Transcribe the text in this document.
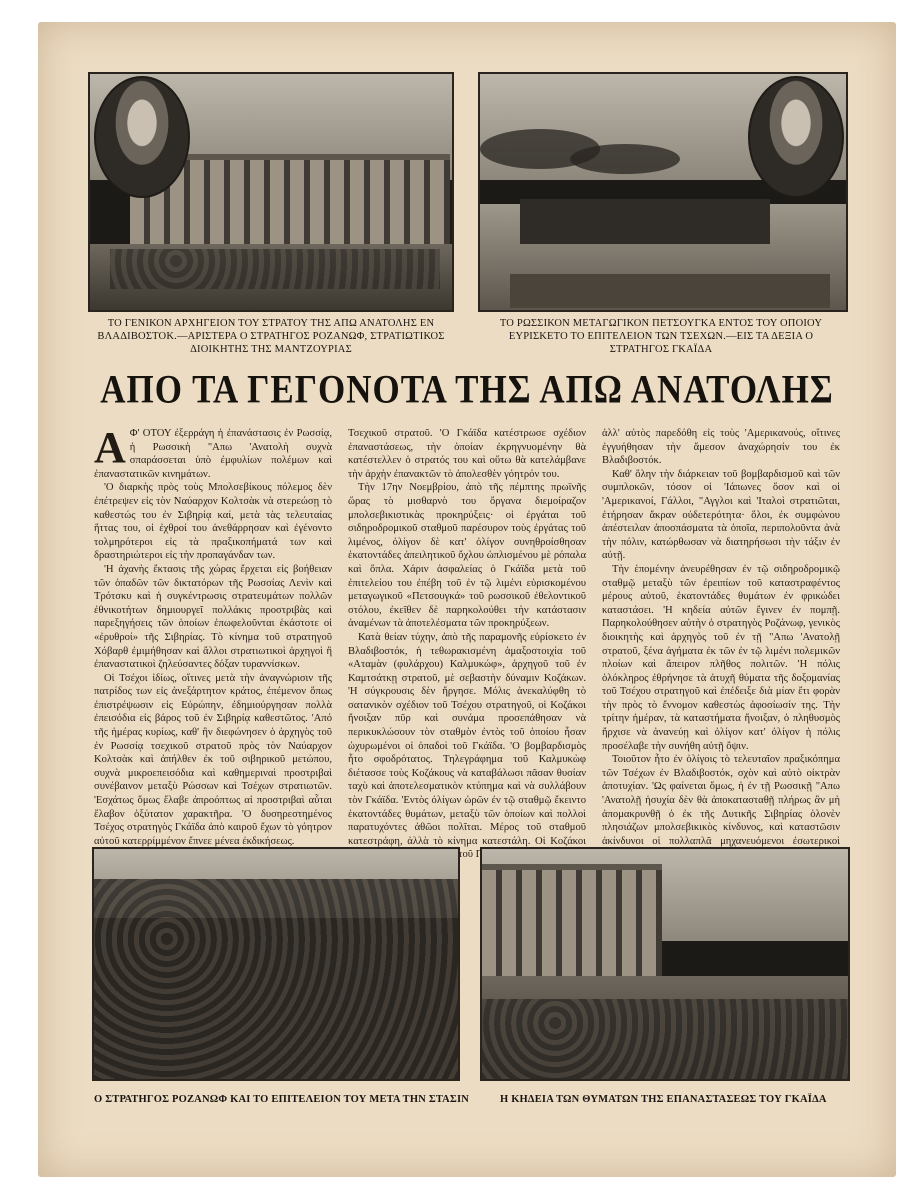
ΤΟ ΓΕΝΙΚΟΝ ΑΡΧΗΓΕΙΟΝ ΤΟΥ ΣΤΡΑΤΟΥ ΤΗΣ ΑΠΩ ΑΝΑΤΟΛΗΣ ΕΝ ΒΛΑΔΙΒΟΣΤΟΚ.—ΑΡΙΣΤΕΡΑ Ο ΣΤΡΑΤΗΓΟΣ ΡΟΖΑΝΩΦ, ΣΤΡΑΤΙΩΤΙΚΟΣ ΔΙΟΙΚΗΤΗΣ ΤΗΣ ΜΑΝΤΖΟΥΡΙΑΣ
ΤΟ ΡΩΣΣΙΚΟΝ ΜΕΤΑΓΩΓΙΚΟΝ ΠΕΤΣΟΥΓΚΑ ΕΝΤΟΣ ΤΟΥ ΟΠΟΙΟΥ ΕΥΡΙΣΚΕΤΟ ΤΟ ΕΠΙΤΕΛΕΙΟΝ ΤΩΝ ΤΣΕΧΩΝ.—ΕΙΣ ΤΑ ΔΕΞΙΑ Ο ΣΤΡΑΤΗΓΟΣ ΓΚΑΪΔΑ
ΑΠΟ ΤΑ ΓΕΓΟΝΟΤΑ ΤΗΣ ΑΠΩ ΑΝΑΤΟΛΗΣ
Α Φ' ΟΤΟΥ ἐξερράγη ἡ ἐπανάστασις ἐν Ρωσσίᾳ, ἡ Ρωσσικὴ "Απω 'Ανατολὴ συχνὰ σπαράσσεται ὑπὸ ἐμφυλίων πολέμων καὶ ἐπαναστατικῶν κινημάτων.

'Ο διαρκὴς πρὸς τοὺς Μπολσεβίκους πόλεμος δὲν ἐπέτρεψεν εἰς τὸν Ναύαρχον Κολτσὰκ νὰ στερεώσῃ τὸ καθεστώς του ἐν Σιβηρίᾳ καί, μετὰ τὰς τελευταίας ἥττας του, οἱ ἐχθροί του ἀνεθάρρησαν καὶ ἐγένοντο τολμηρότεροι εἰς τὰ πραξικοπήματά των καὶ δραστηριώτεροι εἰς τὴν προπαγάνδαν των.

'Η ἀχανὴς ἔκτασις τῆς χώρας ἔρχεται εἰς βοήθειαν τῶν ὁπαδῶν τῶν δικτατόρων τῆς Ρωσσίας Λενὶν καὶ Τρότσκυ καὶ ἡ συγκέντρωσις στρατευμάτων πολλῶν ἐθνικοτήτων δημιουργεῖ πολλάκις προστριβὰς καὶ παρεξηγήσεις τῶν ὁποίων ἐπωφελοῦνται ἑκάστοτε οἱ «ἐρυθροί» τῆς Σιβηρίας. Τὸ κίνημα τοῦ στρατηγοῦ Χόβαρθ ἐμιμήθησαν καὶ ἄλλοι στρατιωτικοὶ ἀρχηγοὶ ἢ ἐπαναστατικοὶ ζηλεύσαντες δόξαν τυραννίσκων.

Οἱ Τσέχοι ἰδίως, οἵτινες μετὰ τὴν ἀναγνώρισιν τῆς πατρίδος των εἰς ἀνεξάρτητον κράτος, ἐπέμενον ὅπως ἐπιστρέψωσιν εἰς Εὐρώπην, ἐδημιούργησαν πολλὰ ἐπεισόδια εἰς βάρος τοῦ ἐν Σιβηρίᾳ καθεστῶτος. 'Από τῆς ἡμέρας κυρίως, καθ' ἣν διεφώνησεν ὁ ἀρχηγὸς τοῦ ἐν Ρωσσίᾳ τσεχικοῦ στρατοῦ πρὸς τὸν Ναύαρχον Κολτσὰκ καὶ ἀπήλθεν ἐκ τοῦ σιβηρικοῦ μετώπου, συχνὰ μικροεπεισόδια καὶ καθημεριναὶ προστριβαὶ συνέβαινον μεταξὺ Ρώσσων καὶ Τσέχων στρατιωτῶν. 'Εσχάτως ὅμως ἔλαβε ἀπροόπτως αἱ προστριβαὶ αὗται ἔλαβον ὀξύτατον χαρακτῆρα. 'Ο δυσηρεστημένος Τσέχος στρατηγὸς Γκάϊδα ἀπὸ καιροῦ ἔχων τὸ γόητρον αὐτοῦ κατερρίμμένον ἔπνεε μένεα ἐκδικήσεως.

Τσεχικοῦ στρατοῦ. 'Ο Γκάϊδα κατέστρωσε σχέδιον ἐπαναστάσεως, τὴν ὁποίαν ἐκρηγνυομένην θὰ κατέστελλεν ὁ στρατός του καὶ οὕτω θὰ κατελάμβανε τὴν ἀρχὴν ἐπανακτῶν τὸ ἀπολεσθὲν γόητρόν του.

Τὴν 17ην Νοεμβρίου, ἀπὸ τῆς πέμπτης πρωϊνῆς ὥρας τὸ μισθαρνὸ του ὄργανα διεμοίραζον μπολσεβικιστικὰς προκηρύξεις· οἱ ἐργάται τοῦ σιδηροδρομικοῦ σταθμοῦ παρέσυρον τοὺς ἐργάτας τοῦ λιμένος, ὀλίγον δὲ κατ' ὀλίγον συνηθροίσθησαν ἑκατοντάδες ἀπειλητικοῦ ὄχλου ὡπλισμένου μὲ ρόπαλα καὶ ὅπλα. Χάριν ἀσφαλείας ὁ Γκάϊδα μετὰ τοῦ ἐπιτελείου του ἐπέβη τοῦ ἐν τῷ λιμένι εὑρισκομένου μεταγωγικοῦ «Πετσουγκά» τοῦ ρωσσικοῦ ἐθελοντικοῦ στόλου, ἐκεῖθεν δὲ παρηκολούθει τὴν κατάστασιν ἀναμένων τὰ ἀποτελέσματα τῶν προκηρύξεων.

Κατὰ θείαν τύχην, ἀπὸ τῆς παραμονῆς εὑρίσκετο ἐν Βλαδιβοστόκ, ἡ τεθωρακισμένη ἁμαξοστοιχία τοῦ «Αταμὰν (φυλάρχου) Καλμυκώφ», ἀρχηγοῦ τοῦ ἐν Καμτσάτκῃ στρατοῦ, μὲ σεβαστὴν δύναμιν Κοζάκων. 'Η σύγκρουσις δὲν ἤργησε. Μόλις ἀνεκαλύφθη τὸ σατανικὸν σχέδιον τοῦ Τσέχου στρατηγοῦ, οἱ Κοζάκοι ἤνοιξαν πῦρ καὶ συνάμα προσεπάθησαν νὰ περικυκλώσουν τὸν σταθμὸν ἐντὸς τοῦ ὁποίου ἦσαν ὠχυρωμένοι οἱ ὀπαδοὶ τοῦ Γκάϊδα. 'Ο βομβαρδισμὸς ἦτο σφοδρότατος. Τηλεγράφημα τοῦ Καλμυκὼφ διέτασσε τοὺς Κοζάκους νὰ καταβάλωσι πᾶσαν θυσίαν ταχὺ καὶ ἀποτελεσματικὸν κτύπημα καὶ νὰ συλλάβουν τὸν Γκάϊδα. 'Εντὸς ὀλίγων ὡρῶν ἐν τῷ σταθμῷ ἔκειντο ἑκατοντάδες θυμάτων, μεταξὺ τῶν ὁποίων καὶ πολλοὶ παρατυχόντες ἀθῶοι πολῖται. Μέρος τοῦ σταθμοῦ κατεστράφη, ἀλλὰ τὸ κίνημα κατεστάλη. Οἱ Κοζάκοι τοῦ

ἀλλ' αὐτὸς παρεδόθη εἰς τοὺς 'Αμερικανούς, οἵτινες ἐγγυήθησαν τὴν ἄμεσον ἀναχώρησίν του ἐκ Βλαδιβοστόκ.

Καθ' ὅλην τὴν διάρκειαν τοῦ βομβαρδισμοῦ καὶ τῶν συμπλοκῶν, τόσον οἱ 'Ιάπωνες ὅσον καὶ οἱ 'Αμερικανοί, Γάλλοι, "Αγγλοι καὶ 'Ιταλοὶ στρατιῶται, ἐτήρησαν ἄκραν οὐδετερότητα· ὅλοι, ἐκ συμφώνου ἀπέστειλαν ἀποσπάσματα τὰ ὁποῖα, περιπολοῦντα ἀνὰ τὴν πόλιν, κατώρθωσαν νὰ διατηρήσωσι τὴν τάξιν ἐν αὐτῇ.

Τὴν ἑπομένην ἀνευρέθησαν ἐν τῷ σιδηροδρομικῷ σταθμῷ μεταξὺ τῶν ἐρειπίων τοῦ καταστραφέντος μέρους αὐτοῦ, ἑκατοντάδες θυμάτων ἐν φρικώδει καταστάσει. 'Η κηδεία αὐτῶν ἔγινεν ἐν πομπῇ. Παρηκολούθησεν αὐτὴν ὁ στρατηγὸς Ροζάνωφ, γενικὸς διοικητὴς καὶ ἀρχηγὸς τοῦ ἐν τῇ "Απω 'Ανατολῇ στρατοῦ, ξένα ἀγήματα ἐκ τῶν ἐν τῷ λιμένι πολεμικῶν πλοίων καὶ ἄπειρον πλῆθος πολιτῶν. 'Η πόλις ὁλόκληρος ἐθρήνησε τὰ ἀτυχῆ θύματα τῆς δοξομανίας τοῦ Τσέχου στρατηγοῦ καὶ ἐπέδειξε διὰ μίαν ἔτι φορὰν τὴν πρὸς τὸ ἔννομον καθεστὼς ἀφοσίωσίν της. Τὴν τρίτην ἡμέραν, τὰ καταστήματα ἤνοιξαν, ὁ πληθυσμὸς ἤρχισε νὰ ἀνανεύῃ καὶ ὀλίγον κατ' ὀλίγον ἡ πόλις προσέλαβε τὴν συνήθη αὐτῇ ὄψιν.

Τοιοῦτον ἦτο ἐν ὀλίγοις τὸ τελευταῖον πραξικόπημα τῶν Τσέχων ἐν Βλαδιβοστόκ, σχὸν καὶ αὐτὸ οἰκτρὰν ἀποτυχίαν. 'Ως φαίνεται ὅμως, ἡ ἐν τῇ Ρωσσικῇ "Απω 'Ανατολῇ ἡσυχία δὲν θὰ ἀποκατασταθῇ πλήρως ἂν μὴ ἀπομακρυνθῇ ὁ ἐκ τῆς Δυτικῆς Σιβηρίας ὁλονὲν πλησιάζων μπολσεβικικὸς κίνδυνος, καὶ καταστῶσιν ἀκίνδυνοι οἱ πολλαπλᾶ μηχανευόμενοι ἐσωτερικοὶ

Ο ΣΤΡΑΤΗΓΟΣ ΡΟΖΑΝΩΦ ΚΑΙ ΤΟ ΕΠΙΤΕΛΕΙΟΝ ΤΟΥ ΜΕΤΑ ΤΗΝ ΣΤΑΣΙΝ	Η ΚΗΔΕΙΑ ΤΩΝ ΘΥΜΑΤΩΝ ΤΗΣ ΕΠΑΝΑΣΤΑΣΕΩΣ ΤΟΥ ΓΚΑΪΔΑ
